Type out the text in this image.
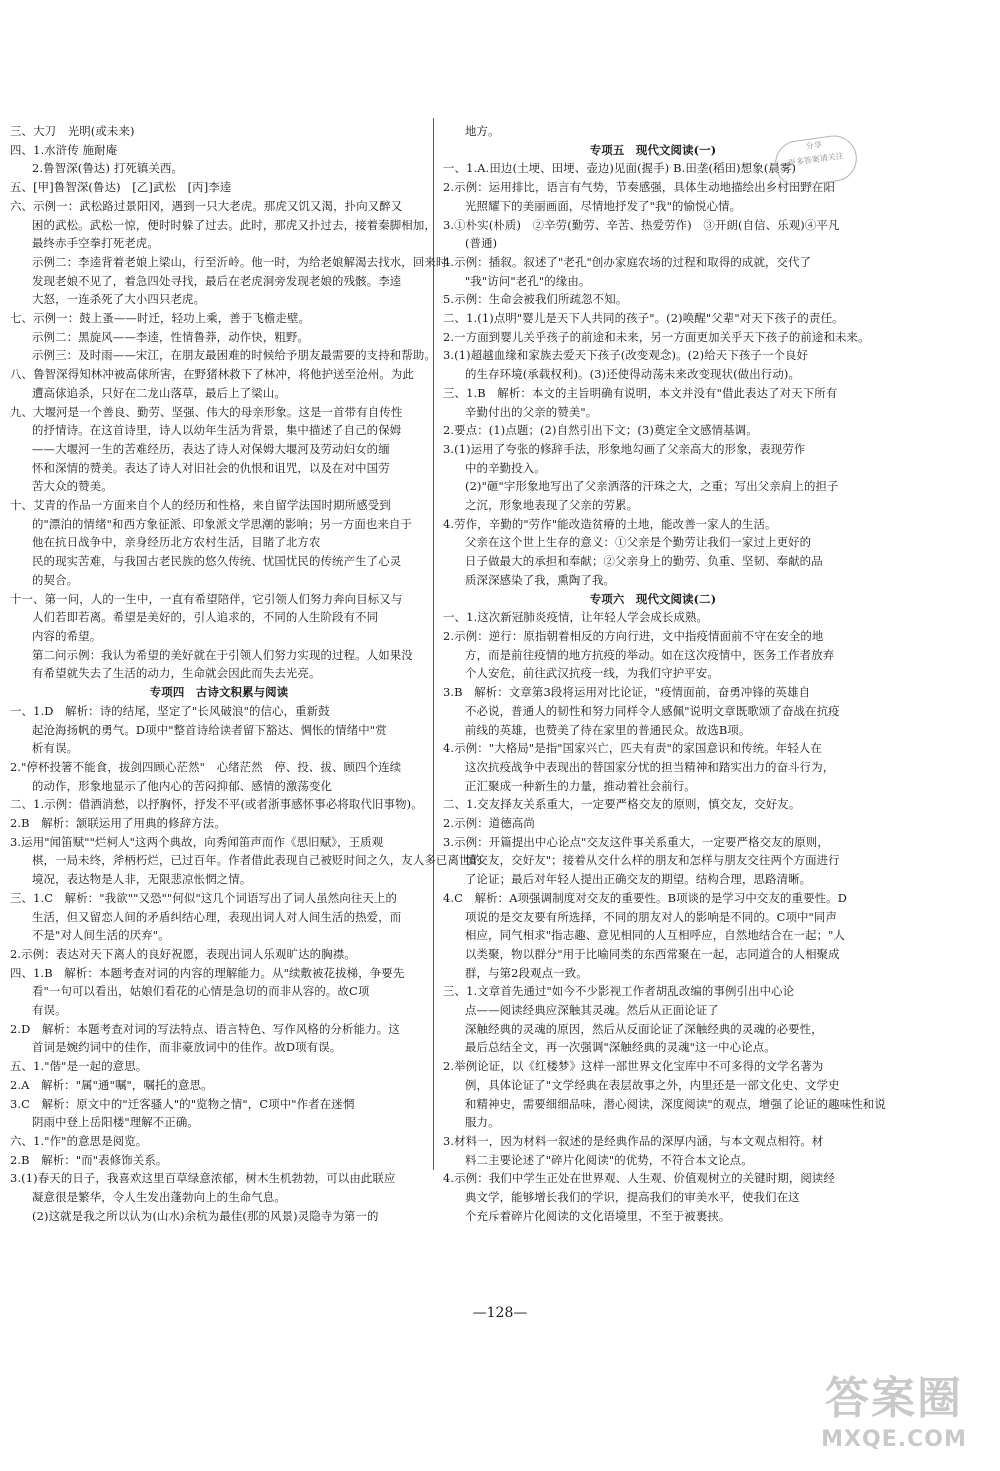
三、大刀　光明(或未来)
四、1.水浒传 施耐庵
2.鲁智深(鲁达) 打死镇关西。
五、[甲]鲁智深(鲁达)　[乙]武松　[丙]李逵
六、示例一：武松路过景阳冈，遇到一只大老虎。那虎又饥又渴，扑向又醉又
困的武松。武松一惊，便时时躲了过去。此时，那虎又扑过去，接着秦脚相加，
最终赤手空拳打死老虎。
示例二：李逵背着老娘上梁山，行至沂岭。他一时，为给老娘解渴去找水，回来时
发现老娘不见了，着急四处寻找，最后在老虎洞旁发现老娘的残骸。李逵
大怒，一连杀死了大小四只老虎。
七、示例一：鼓上蚤——时迁，轻功上乘，善于飞檐走壁。
示例二：黑旋风——李逵，性情鲁莽，动作快，粗野。
示例三：及时雨——宋江，在朋友最困难的时候给予朋友最需要的支持和帮助。
八、鲁智深得知林冲被高俅所害，在野猪林救下了林冲，将他护送至沧州。为此
遭高俅追杀，只好在二龙山落草，最后上了梁山。
九、大堰河是一个善良、勤劳、坚强、伟大的母亲形象。这是一首带有自传性
的抒情诗。在这首诗里，诗人以幼年生活为背景，集中描述了自己的保姆
——大堰河一生的苦难经历，表达了诗人对保姆大堰河及劳动妇女的缅
怀和深情的赞美。表达了诗人对旧社会的仇恨和诅咒，以及在对中国劳
苦大众的赞美。
十、艾青的作品一方面来自个人的经历和性格，来自留学法国时期所感受到
的"漂泊的情绪"和西方象征派、印象派文学思潮的影响；另一方面也来自于
他在抗日战争中，亲身经历北方农村生活，目睹了北方农
民的现实苦难，与我国古老民族的悠久传统、忧国忧民的传统产生了心灵
的契合。
十一、第一问，人的一生中，一直有希望陪伴，它引领人们努力奔向目标又与
人们若即若离。希望是美好的，引人追求的，不同的人生阶段有不同
内容的希望。
第二问示例：我认为希望的美好就在于引领人们努力实现的过程。人如果没
有希望就失去了生活的动力，生命就会因此而失去光亮。
专项四　古诗文积累与阅读
一、1.D　解析：诗的结尾，坚定了"长风破浪"的信心，重新鼓
起沧海扬帆的勇气。D项中"整首诗给读者留下豁达、惆怅的情绪中"赏
析有误。
2."停杯投箸不能食，拔剑四顾心茫然"　心绪茫然　停、投、拔、顾四个连续
的动作，形象地显示了他内心的苦闷抑郁、感情的激荡变化
二、1.示例：借酒消愁，以抒胸怀，抒发不平(或者浙事感怀事必将取代旧事物)。
2.B　解析：颔联运用了用典的修辞方法。
3.运用"闻笛赋""烂柯人"这两个典故，向秀闻笛声而作《思旧赋》，王质观
棋，一局未终，斧柄朽烂，已过百年。作者借此表现自己被贬时间之久，友人多已离世的
境况，表达物是人非，无限悲凉怅惘之情。
三、1.C　解析："我欲""又恐""何似"这几个词语写出了词人虽然向往天上的
生活，但又留恋人间的矛盾纠结心理，表现出词人对人间生活的热爱，而
不是"对人间生活的厌弃"。
2.示例：表达对天下离人的良好祝愿，表现出词人乐观旷达的胸襟。
四、1.B　解析：本题考查对词的内容的理解能力。从"续敷被花拔梯，争要先
看"一句可以看出，姑娘们看花的心情是急切的而非从容的。故C项
有误。
2.D　解析：本题考查对词的写法特点、语言特色、写作风格的分析能力。这
首词是婉约词中的佳作，而非豪放词中的佳作。故D项有误。
五、1."偕"是一起的意思。
2.A　解析："属"通"嘱"，嘱托的意思。
3.C　解析：原文中的"迁客骚人"的"览物之情"，C项中"作者在迷惘
阴雨中登上岳阳楼"理解不正确。
六、1."作"的意思是阅览。
2.B　解析："而"表修饰关系。
3.(1)春天的日子，我喜欢这里百草绿意浓郁，树木生机勃勃，可以由此联应
凝意很是繁华，令人生发出蓬勃向上的生命气息。
(2)这就是我之所以认为(山水)余杭为最佳(那的风景)灵隐寺为第一的
地方。
专项五　现代文阅读(一)
一、1.A.田边(土埂、田埂、壶边)见面(握手) B.田垄(稻田)想象(晨雾)
2.示例：运用排比，语言有气势，节奏感强，具体生动地描绘出乡村田野在阳
光照耀下的美丽画面，尽情地抒发了"我"的愉悦心情。
3.①朴实(朴质)　②辛劳(勤劳、辛苦、热爱劳作)　③开朗(自信、乐观)④平凡
(普通)
4.示例：插叙。叙述了"老孔"创办家庭农场的过程和取得的成就，交代了
"我"访问"老孔"的缘由。
5.示例：生命会被我们所疏忽不知。
二、1.(1)点明"婴儿是天下人共同的孩子"。(2)唤醒"父辈"对天下孩子的责任。
2.一方面到婴儿关乎孩子的前途和未来，另一方面更加关乎天下孩子的前途和未来。
3.(1)超越血缘和家族去爱天下孩子(改变观念)。(2)给天下孩子一个良好
的生存环境(承载权利)。(3)还使得动荡未来改变现状(做出行动)。
三、1.B　解析：本文的主旨明确有说明，本文并没有"借此表达了对天下所有
辛勤付出的父亲的赞美"。
2.要点：(1)点题；(2)自然引出下文；(3)奠定全文感情基调。
3.(1)运用了夸张的修辞手法，形象地勾画了父亲高大的形象，表现劳作
中的辛勤投入。
(2)"砸"字形象地写出了父亲洒落的汗珠之大，之重；写出父亲肩上的担子
之沉，形象地表现了父亲的劳累。
4.劳作，辛勤的"劳作"能改造贫瘠的土地，能改善一家人的生活。
父亲在这个世上生存的意义：①父亲是个勤劳让我们一家过上更好的
日子做最大的承担和奉献；②父亲身上的勤劳、负重、坚韧、奉献的品
质深深感染了我，熏陶了我。
专项六　现代文阅读(二)
一、1.这次新冠肺炎疫情，让年轻人学会成长成熟。
2.示例：逆行：原指朝着相反的方向行进，文中指疫情面前不守在安全的地
方，而是前往疫情的地方抗疫的举动。如在这次疫情中，医务工作者放弃
个人安危，前往武汉抗疫一线，为我们守护平安。
3.B　解析：文章第3段将运用对比论证，"疫情面前，奋勇冲锋的英雄自
不必说，普通人的韧性和努力同样令人感佩"说明文章既歌颂了奋战在抗疫
前线的英雄，也赞美了待在家里的普通民众。故选B项。
4.示例："大格局"是指"国家兴亡，匹夫有责"的家国意识和传统。年轻人在
这次抗疫战争中表现出的替国家分忧的担当精神和踏实出力的奋斗行为，
正汇聚成一种新生的力量，推动着社会前行。
二、1.交友择友关系重大，一定要严格交友的原则，慎交友，交好友。
2.示例：道德高尚
3.示例：开篇提出中心论点"交友这件事关系重大，一定要严格交友的原则，
慎交友，交好友"；接着从交什么样的朋友和怎样与朋友交往两个方面进行
了论证；最后对年轻人提出正确交友的期望。结构合理，思路清晰。
4.C　解析：A项强调制度对交友的重要性。B项谈的是学习中交友的重要性。D
项说的是交友要有所选择，不同的朋友对人的影响是不同的。C项中"同声
相应，同气相求"指志趣、意见相同的人互相呼应，自然地结合在一起；"人
以类聚，物以群分"用于比喻同类的东西常聚在一起，志同道合的人相聚成
群，与第2段观点一致。
三、1.文章首先通过"如今不少影视工作者胡乱改编的事例引出中心论
点——阅读经典应深触其灵魂。然后从正面论证了
深触经典的灵魂的原因，然后从反面论证了深触经典的灵魂的必要性，
最后总结全文，再一次强调"深触经典的灵魂"这一中心论点。
2.举例论证，以《红楼梦》这样一部世界文化宝库中不可多得的文学名著为
例，具体论证了"文学经典在表层故事之外，内里还是一部文化史、文学史
和精神史，需要细细品味，潜心阅读，深度阅读"的观点，增强了论证的趣味性和说
服力。
3.材料一，因为材料一叙述的是经典作品的深厚内涵，与本文观点相符。材
料二主要论述了"碎片化阅读"的优势，不符合本文论点。
4.示例：我们中学生正处在世界观、人生观、价值观树立的关键时期，阅读经
典文学，能够增长我们的学识，提高我们的审美水平，使我们在这
个充斥着碎片化阅读的文化语境里，不至于被裹挟。
分享
更多答案请关注
—128—
答案圈
MXQE.COM
